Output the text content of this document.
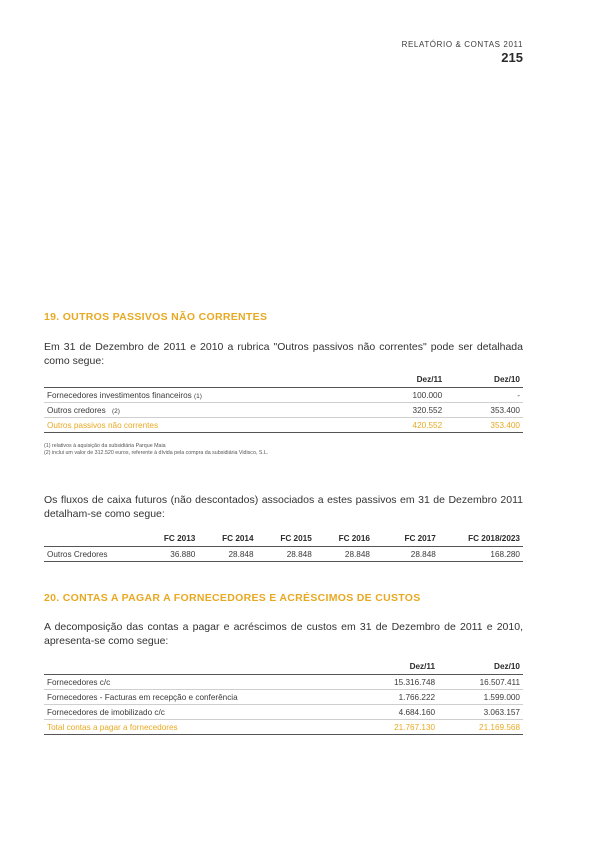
RELATÓRIO & CONTAS 2011
215
19. OUTROS PASSIVOS NÃO CORRENTES

Em 31 de Dezembro de 2011 e 2010 a rubrica "Outros passivos não correntes" pode ser detalhada como segue:

	Dez/11	Dez/10
Fornecedores investimentos financeiros (1)	100.000	-
Outros credores (2)	320.552	353.400
Outros passivos não correntes	420.552	353.400
(1) relativos à aquisição da subsidiária Parque Maia
(2) inclui um valor de 312.520 euros, referente à dívida pela compra da subsidiária Vidisco, S.L.

Os fluxos de caixa futuros (não descontados) associados a estes passivos em 31 de Dezembro 2011 detalham-se como segue:

	FC 2013	FC 2014	FC 2015	FC 2016	FC 2017	FC 2018/2023
Outros Credores	36.880	28.848	28.848	28.848	28.848	168.280
20. CONTAS A PAGAR A FORNECEDORES E ACRÉSCIMOS DE CUSTOS

A decomposição das contas a pagar e acréscimos de custos em 31 de Dezembro de 2011 e 2010, apresenta-se como segue:

	Dez/11	Dez/10
Fornecedores c/c	15.316.748	16.507.411
Fornecedores - Facturas em recepção e conferência	1.766.222	1.599.000
Fornecedores de imobilizado c/c	4.684.160	3.063.157
Total contas a pagar a fornecedores	21.767.130	21.169.568
